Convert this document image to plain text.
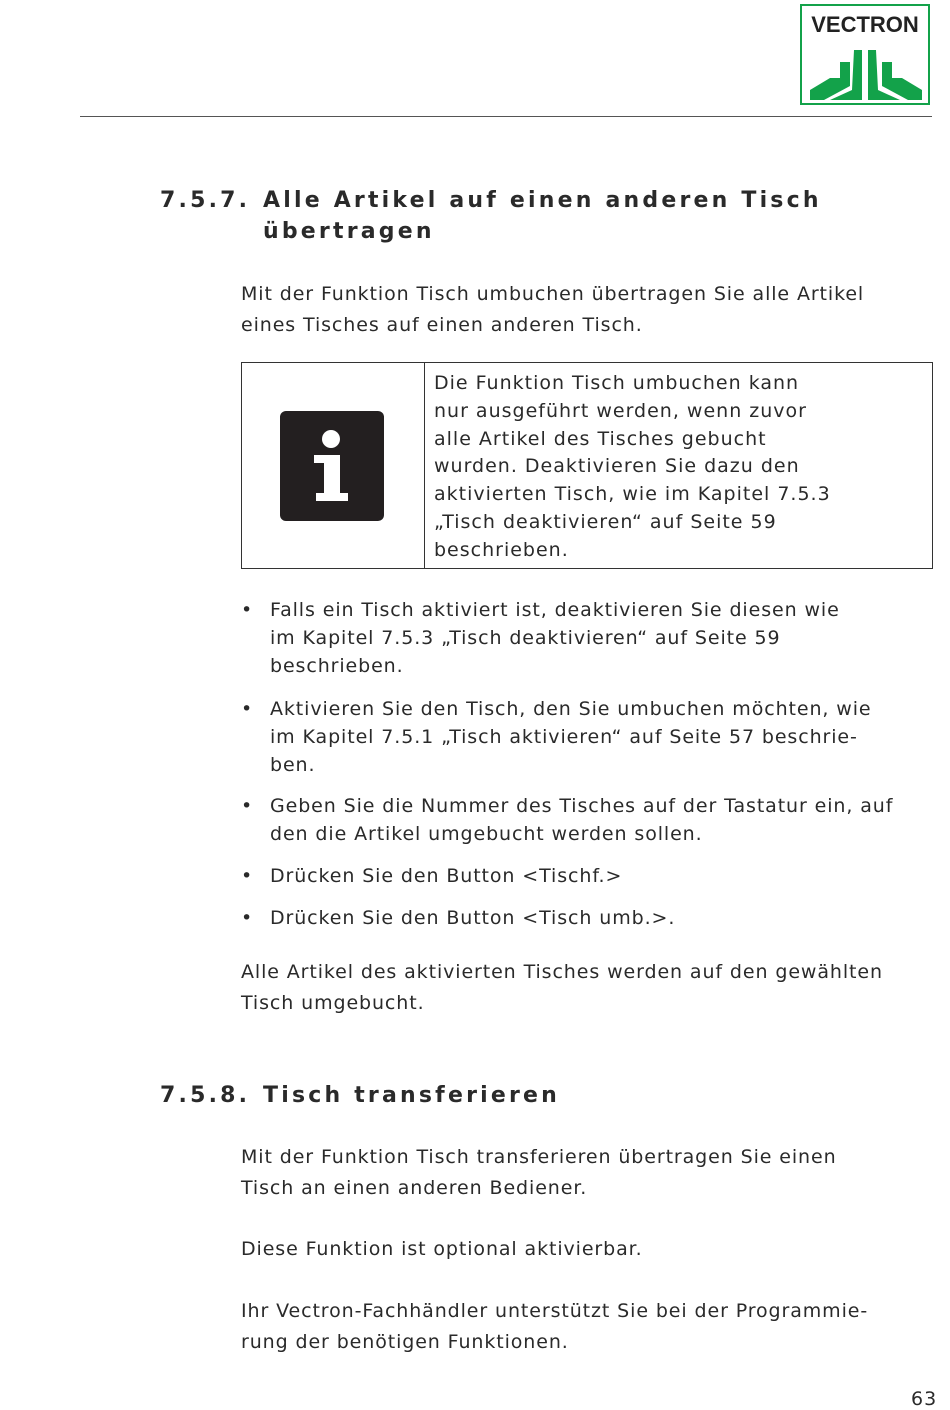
VECTRON
7.5.7. Alle Artikel auf einen anderen Tisch
übertragen
Mit der Funktion Tisch umbuchen übertragen Sie alle Artikel
eines Tisches auf einen anderen Tisch.
Die Funktion Tisch umbuchen kann
nur ausgeführt werden, wenn zuvor
alle Artikel des Tisches gebucht
wurden. Deaktivieren Sie dazu den
aktivierten Tisch, wie im Kapitel 7.5.3
„Tisch deaktivieren“ auf Seite 59
beschrieben.
• Falls ein Tisch aktiviert ist, deaktivieren Sie diesen wie
im Kapitel 7.5.3 „Tisch deaktivieren“ auf Seite 59
beschrieben.
• Aktivieren Sie den Tisch, den Sie umbuchen möchten, wie
im Kapitel 7.5.1 „Tisch aktivieren“ auf Seite 57 beschrie-
ben.
• Geben Sie die Nummer des Tisches auf der Tastatur ein, auf
den die Artikel umgebucht werden sollen.
• Drücken Sie den Button <Tischf.>
• Drücken Sie den Button <Tisch umb.>.
Alle Artikel des aktivierten Tisches werden auf den gewählten
Tisch umgebucht.
7.5.8. Tisch transferieren
Mit der Funktion Tisch transferieren übertragen Sie einen
Tisch an einen anderen Bediener.
Diese Funktion ist optional aktivierbar.
Ihr Vectron-Fachhändler unterstützt Sie bei der Programmie-
rung der benötigen Funktionen.
63
